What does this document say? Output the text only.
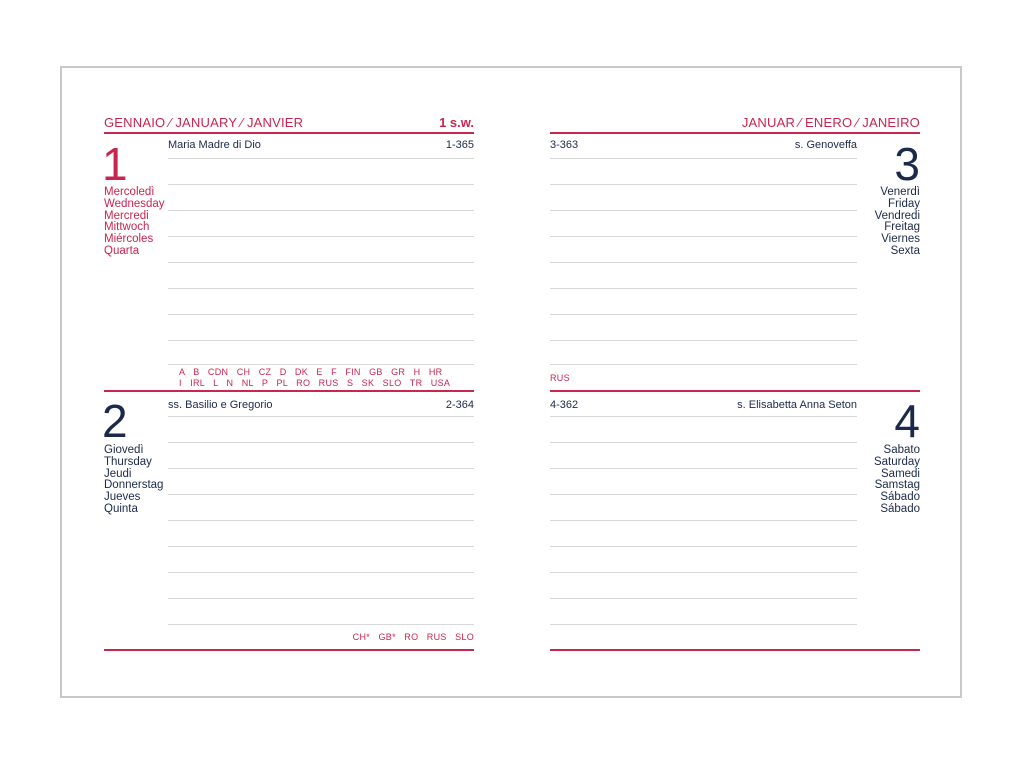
GENNAIO ⁄ JANUARY ⁄ JANVIER	1 s.w.
1
Mercoledì
Wednesday
Mercredi
Mittwoch
Miércoles
Quarta
Maria Madre di Dio	1-365
A   B   CDN   CH   CZ   D   DK   E   F   FIN   GB   GR   H   HR
I   IRL   L   N   NL   P   PL   RO   RUS   S   SK   SLO   TR   USA
2
Giovedì
Thursday
Jeudi
Donnerstag
Jueves
Quinta
ss. Basilio e Gregorio	2-364
CH*   GB*   RO   RUS   SLO
JANUAR ⁄ ENERO ⁄ JANEIRO
3-363	s. Genoveffa 3
Venerdì
Friday
Vendredi
Freitag
Viernes
Sexta
RUS
4-362	s. Elisabetta Anna Seton 4
Sabato
Saturday
Samedi
Samstag
Sábado
Sábado
